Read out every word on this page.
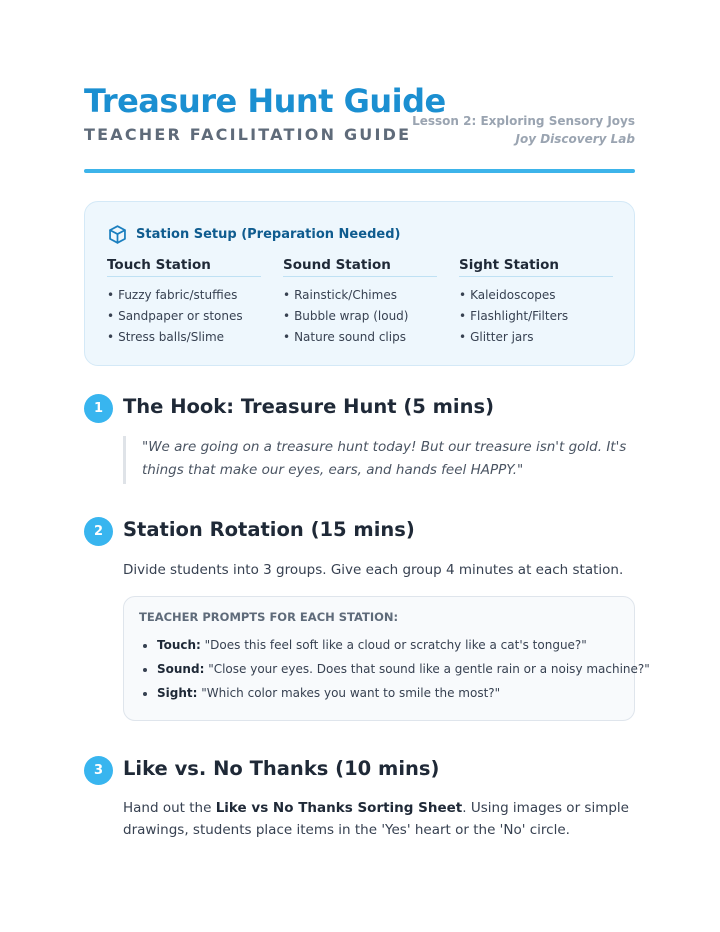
Treasure Hunt Guide
TEACHER FACILITATION GUIDE
Lesson 2: Exploring Sensory Joys
Joy Discovery Lab
Station Setup (Preparation Needed)
Touch Station
• Fuzzy fabric/stuffies
• Sandpaper or stones
• Stress balls/Slime
Sound Station
• Rainstick/Chimes
• Bubble wrap (loud)
• Nature sound clips
Sight Station
• Kaleidoscopes
• Flashlight/Filters
• Glitter jars
1	The Hook: Treasure Hunt (5 mins)
"We are going on a treasure hunt today! But our treasure isn't gold. It's things that make our eyes, ears, and hands feel HAPPY."
2	Station Rotation (15 mins)
Divide students into 3 groups. Give each group 4 minutes at each station.
TEACHER PROMPTS FOR EACH STATION:
• Touch: "Does this feel soft like a cloud or scratchy like a cat's tongue?"
• Sound: "Close your eyes. Does that sound like a gentle rain or a noisy machine?"
• Sight: "Which color makes you want to smile the most?"
3	Like vs. No Thanks (10 mins)
Hand out the Like vs No Thanks Sorting Sheet. Using images or simple drawings, students place items in the 'Yes' heart or the 'No' circle.
